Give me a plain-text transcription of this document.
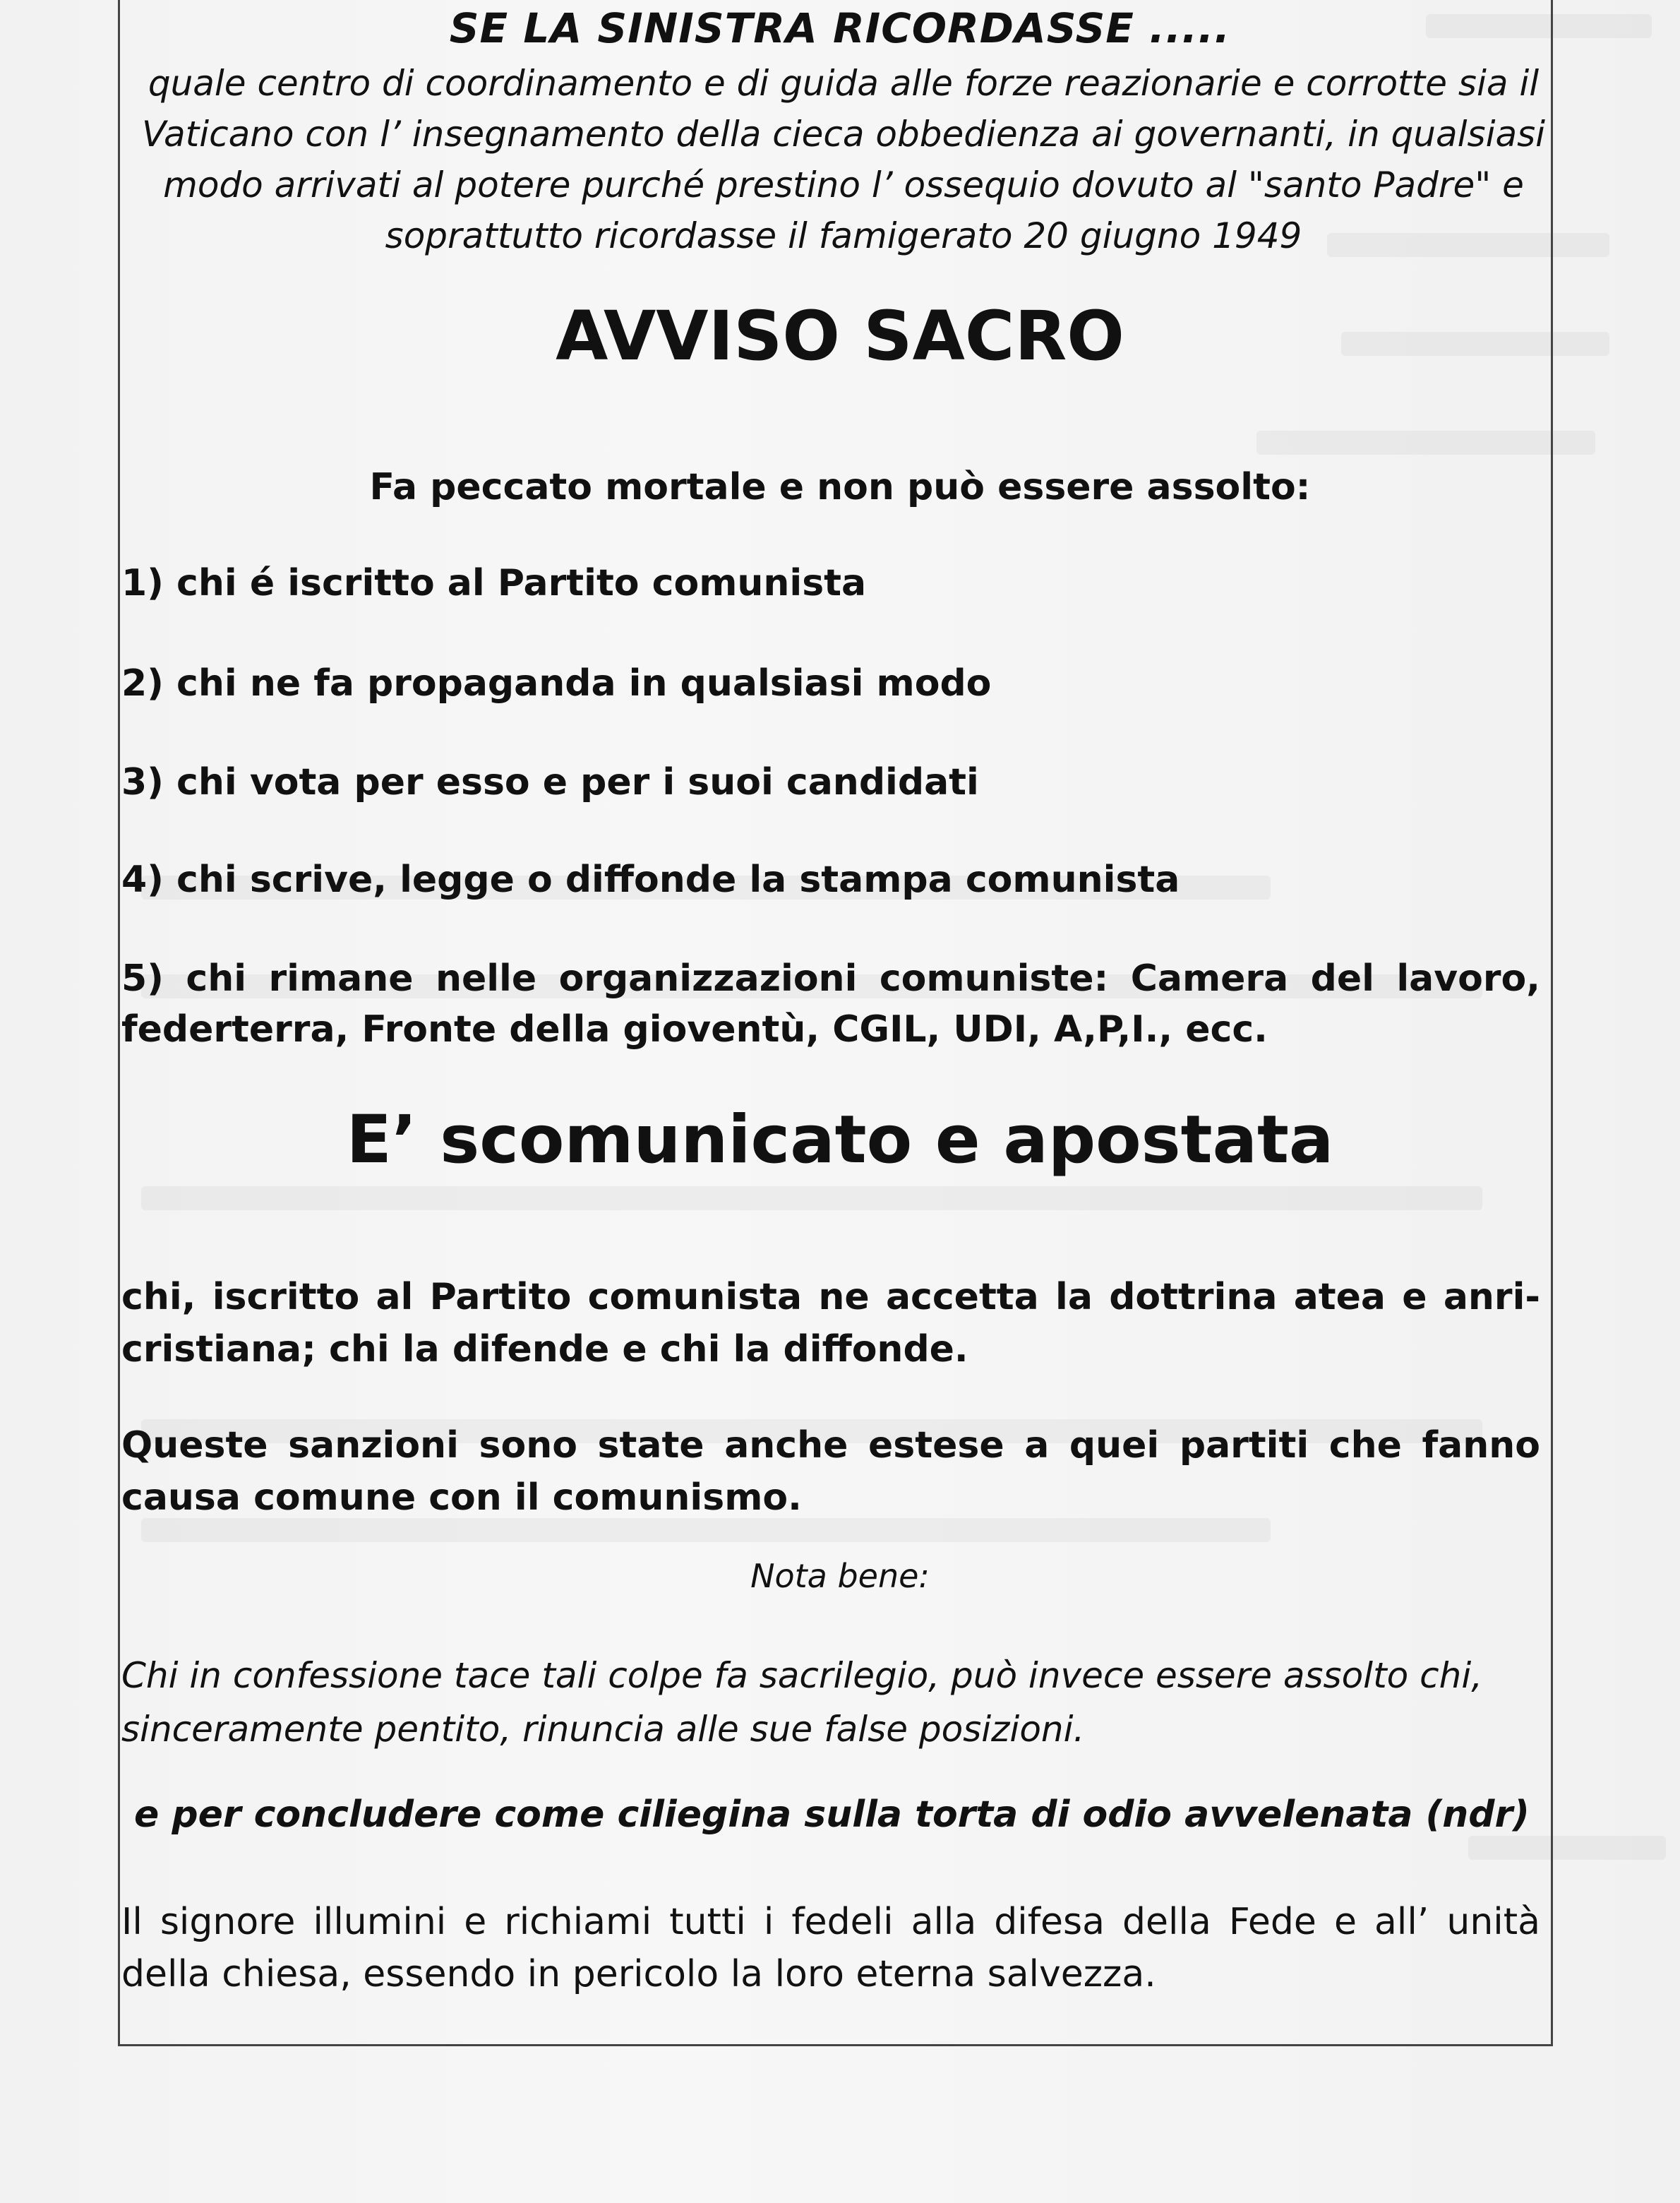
SE LA SINISTRA RICORDASSE .....

quale centro di coordinamento e di guida alle forze reazionarie e corrotte sia il Vaticano con l’ insegnamento della cieca obbedienza ai governanti, in qualsiasi modo arrivati al potere purché prestino l’ ossequio dovuto al "santo Padre" e soprattutto ricordasse il famigerato 20 giugno 1949

AVVISO SACRO

Fa peccato mortale e non può essere assolto:

1) chi é iscritto al Partito comunista

2) chi ne fa propaganda in qualsiasi modo

3) chi vota per esso e per i suoi candidati

4) chi scrive, legge o diffonde la stampa comunista

5) chi rimane nelle organizzazioni comuniste: Camera del lavoro, federterra, Fronte della gioventù, CGIL, UDI, A,P,I., ecc.

E’ scomunicato e apostata

chi, iscritto al Partito comunista ne accetta la dottrina atea e anri-cristiana; chi la difende e chi la diffonde.

Queste sanzioni sono state anche estese a quei partiti che fanno causa comune con il comunismo.

Nota bene:

Chi in confessione tace tali colpe fa sacrilegio, può invece essere assolto chi, sinceramente pentito, rinuncia alle sue false posizioni.

e per concludere come ciliegina sulla torta di odio avvelenata (ndr)

Il signore illumini e richiami tutti i fedeli alla difesa della Fede e all’ unità della chiesa, essendo in pericolo la loro eterna salvezza.
